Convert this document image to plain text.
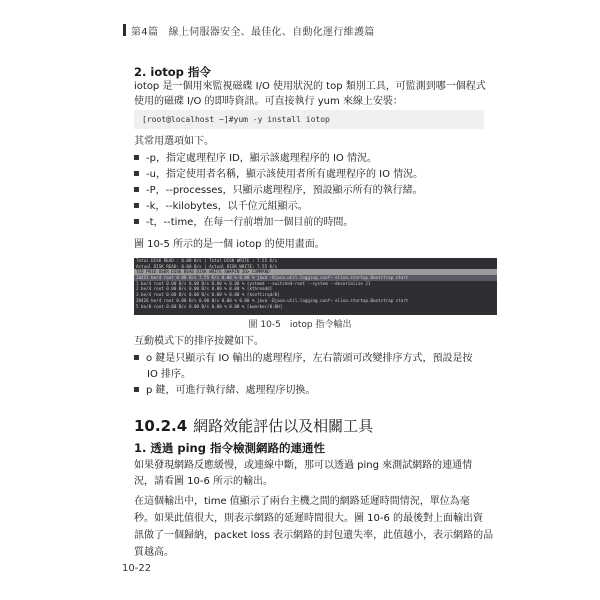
第4篇　線上伺服器安全、最佳化、自動化運行維護篇
2. iotop 指令
iotop 是一個用來監視磁碟 I/O 使用狀況的 top 類別工具，可監測到哪一個程式
使用的磁碟 I/O 的即時資訊。可直接執行 yum 來線上安裝：
[root@localhost ~]#yum -y install iotop
其常用選項如下。
-p，指定處理程序 ID，顯示該處理程序的 IO 情況。
-u，指定使用者名稱，顯示該使用者所有處理程序的 IO 情況。
-P，--processes，只顯示處理程序，預設顯示所有的執行緒。
-k，--kilobytes，以千位元組顯示。
-t，--time，在每一行前增加一個目前的時間。
圖 10-5 所示的是一個 iotop 的使用畫面。
Total DISK READ : 0.00 B/s | Total DISK WRITE : 7.55 K/s
Actual DISK READ: 0.00 B/s | Actual DISK WRITE: 7.55 K/s
TID PRIO USER DISK READ DISK WRITE SWAPIN IO> COMMAND
28451 be/4 root 0.00 B/s 7.55 K/s 0.00 % 0.00 % java -Djava.util.logging.conf~ elina.startup.Bootstrap start
1 be/4 root 0.00 B/s 0.00 B/s 0.00 % 0.00 % systemd --switched-root --system --deserialize 21
2 be/4 root 0.00 B/s 0.00 B/s 0.00 % 0.00 % [kthreadd]
3 be/4 root 0.00 B/s 0.00 B/s 0.00 % 0.00 % [ksoftirqd/0]
28426 be/4 root 0.00 B/s 0.00 B/s 0.00 % 0.00 % java -Djava.util.logging.conf~ elina.startup.Bootstrap start
5 be/0 root 0.00 B/s 0.00 B/s 0.00 % 0.00 % [kworker/0:0H]
圖 10-5　iotop 指令輸出
互動模式下的排序按鍵如下。
o 鍵是只顯示有 IO 輸出的處理程序，左右箭頭可改變排序方式，預設是按
IO 排序。
p 鍵，可進行執行緒、處理程序切換。
10.2.4 網路效能評估以及相關工具
1. 透過 ping 指令檢測網路的連通性
如果發現網路反應緩慢，或連線中斷，那可以透過 ping 來測試網路的連通情
況，請看圖 10-6 所示的輸出。
在這個輸出中，time 值顯示了兩台主機之間的網路延遲時間情況，單位為毫
秒。如果此值很大，則表示網路的延遲時間很大。圖 10-6 的最後對上面輸出資
訊做了一個歸納，packet loss 表示網路的封包遺失率，此值越小，表示網路的品
質越高。
10-22
